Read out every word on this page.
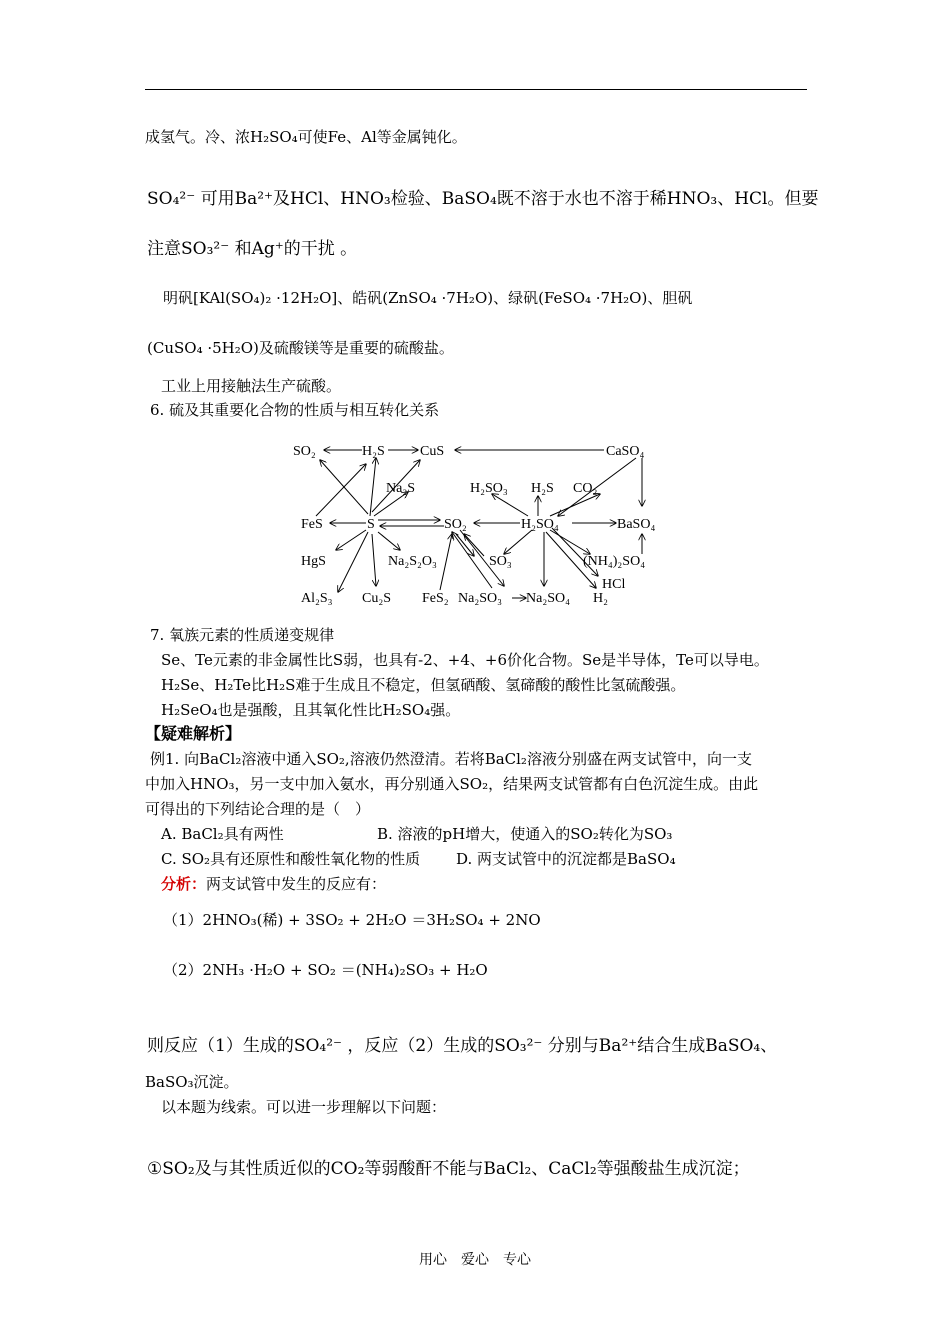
成氢气。冷、浓H₂SO₄可使Fe、Al等金属钝化。
SO₄²⁻ 可用Ba²⁺及HCl、HNO₃检验、BaSO₄既不溶于水也不溶于稀HNO₃、HCl。但要
注意SO₃²⁻ 和Ag⁺的干扰 。
明矾[KAl(SO₄)₂ ·12H₂O]、皓矾(ZnSO₄ ·7H₂O)、绿矾(FeSO₄ ·7H₂O)、胆矾
(CuSO₄ ·5H₂O)及硫酸镁等是重要的硫酸盐。
工业上用接触法生产硫酸。
6. 硫及其重要化合物的性质与相互转化关系
SO₂	H₂S	CuS	CaSO₄
Na₂S	H₂SO₃ H₂S CO₂
FeS	S	SO₂	H₂SO₄	BaSO₄
HgS	Na₂S₂O₃	SO₃	(NH₄)₂SO₄
HCl
Al₂S₃ Cu₂S FeS₂ Na₂SO₃ Na₂SO₄ H₂
7. 氧族元素的性质递变规律
Se、Te元素的非金属性比S弱，也具有-2、+4、+6价化合物。Se是半导体，Te可以导电。
H₂Se、H₂Te比H₂S难于生成且不稳定，但氢硒酸、氢碲酸的酸性比氢硫酸强。
H₂SeO₄也是强酸，且其氧化性比H₂SO₄强。
【疑难解析】
例1. 向BaCl₂溶液中通入SO₂,溶液仍然澄清。若将BaCl₂溶液分别盛在两支试管中，向一支
中加入HNO₃，另一支中加入氨水，再分别通入SO₂，结果两支试管都有白色沉淀生成。由此
可得出的下列结论合理的是（　）
A. BaCl₂具有两性	B. 溶液的pH增大，使通入的SO₂转化为SO₃
C. SO₂具有还原性和酸性氧化物的性质 D. 两支试管中的沉淀都是BaSO₄
分析：两支试管中发生的反应有：
（1）2HNO₃(稀) + 3SO₂ + 2H₂O ＝3H₂SO₄ + 2NO
（2）2NH₃ ·H₂O + SO₂ ＝(NH₄)₂SO₃ + H₂O
则反应（1）生成的SO₄²⁻ ，反应（2）生成的SO₃²⁻ 分别与Ba²⁺结合生成BaSO₄、
BaSO₃沉淀。
以本题为线索。可以进一步理解以下问题：
①SO₂及与其性质近似的CO₂等弱酸酐不能与BaCl₂、CaCl₂等强酸盐生成沉淀；
用心　爱心　专心
